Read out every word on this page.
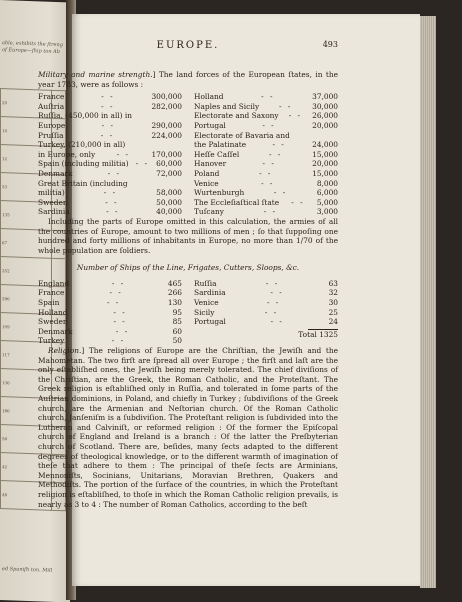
able, exhibits the ſtreng of Europe—ſhip ton Ab
20	
14	
12	
53	
135	
67	
252	
296	
109	
117	
136	
186	
58	
42	
48	
ed Spaniſh ton. Mill
EUROPE.	493

Military and marine strength.] The land forces of the European ſtates, in the year 1783, were as follows :

France	- -	300,000
Auſtria	- -	282,000
Ruſſia, (450,000 in all) in
Europe	- -	290,000
Pruſſia	- -	224,000
Turkey, (210,000 in all)
in Europe, only	- -	170,000
Spain (including militia) - - 60,000
Denmark	- -	72,000
Great Britain (including
militia)	- -	58,000
Sweden	- -	50,000
Sardinia	- -	40,000
Holland	- -	37,000
Naples and Sicily	- -	30,000
Electorate and Saxony	- -	26,000
Portugal	- -	20,000
Electorate of Bavaria and
the Palatinate	- -	24,000
Heſſe Caſſel	- -	15,000
Hanover	- -	20,000
Poland	- -	15,000
Venice	- -	8,000
Wurtenburgh	- -	6,000
The Eccleſiaſtical ſtate	- -	5,000
Tuſcany	- -	3,000

Including the parts of Europe omitted in this calculation, the armies of all the countries of Europe, amount to two millions of men ; ſo that ſuppoſing one hundred and forty millions of inhabitants in Europe, no more than 1/70 of the whole population are ſoldiers.

Number of Ships of the Line, Frigates, Cutters, Sloops, &c.
England	- -	465
France	- -	266
Spain	- -	130
Holland	- -	95
Sweden	- -	85
Denmark	- -	60
Turkey	- -	50
Ruſſia	- -	63
Sardinia	- -	32
Venice	- -	30
Sicily	- -	25
Portugal	- -	24
Total 1325

Religion.] The religions of Europe are the Chriſtian, the Jewiſh and the Mahometan. The two firſt are ſpread all over Europe ; the firſt and laſt are the only eſtabliſhed ones, the Jewiſh being merely tolerated. The chief diviſions of the Chriſtian, are the Greek, the Roman Catholic, and the Proteſtant. The Greek religion is eſtabliſhed only in Ruſſia, and tolerated in ſome parts of the Auſtrian dominions, in Poland, and chiefly in Turkey ; ſubdiviſions of the Greek church, are the Armenian and Neſtorian church. Of the Roman Catholic church, Janſeniſm is a ſubdiviſion. The Proteſtant religion is ſubdivided into the Lutheran and Calviniſt, or reformed religion : Of the former the Epiſcopal church of England and Ireland is a branch : Of the latter the Preſbyterian church of Scotland. There are, beſides, many ſects adapted to the different degrees of theological knowledge, or to the different warmth of imagination of theſe that adhere to them : The principal of theſe ſects are Arminians, Mennoniſts, Socinians, Unitarians, Moravian Brethren, Quakers and Methodiſts. The portion of the ſurface of the countries, in which the Proteſtant religion is eſtabliſhed, to thoſe in which the Roman Catholic religion prevails, is nearly as 3 to 4 : The number of Roman Catholics, according to the beſt
